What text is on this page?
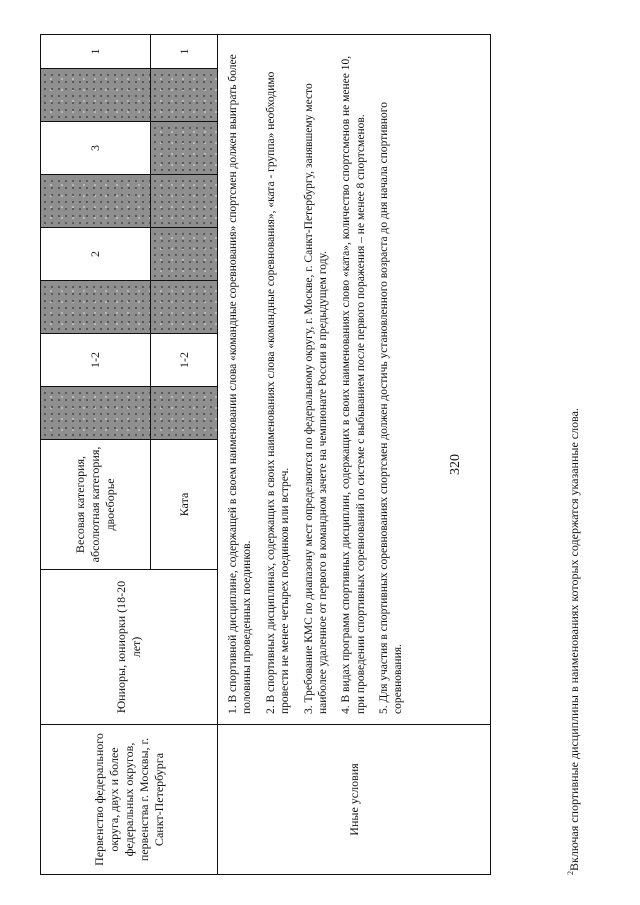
320
Первенство федерального округа, двух и более федеральных округов, первенства г. Москвы, г. Санкт-Петербурга	Юниоры, юниорки (18-20 лет)	Весовая категория, абсолютная категория, двоеборье		1-2		2		3		1
		Ката		1-2						1
Иные условия	1. В спортивной дисциплине, содержащей в своем наименовании слова «командные соревнования» спортсмен должен выиграть более половины проведенных поединков. 2. В спортивных дисциплинах, содержащих в своих наименованиях слова «командные соревнования», «ката - группа» необходимо провести не менее четырех поединков или встреч. 3. Требование КМС по диапазону мест определяются по федеральному округу, г. Москве, г. Санкт-Петербургу, занявшему место наиболее удаленное от первого в командном зачете на чемпионате России в предыдущем году. 4. В видах программ спортивных дисциплин, содержащих в своих наименованиях слово «ката», количество спортсменов не менее 10, при проведении спортивных соревнований по системе с выбыванием после первого поражения – не менее 8 спортсменов. 5. Для участия в спортивных соревнованиях спортсмен должен достичь установленного возраста до дня начала спортивного соревнования.									

$^2$Включая спортивные дисциплины в наименованиях которых содержатся указанные слова.
